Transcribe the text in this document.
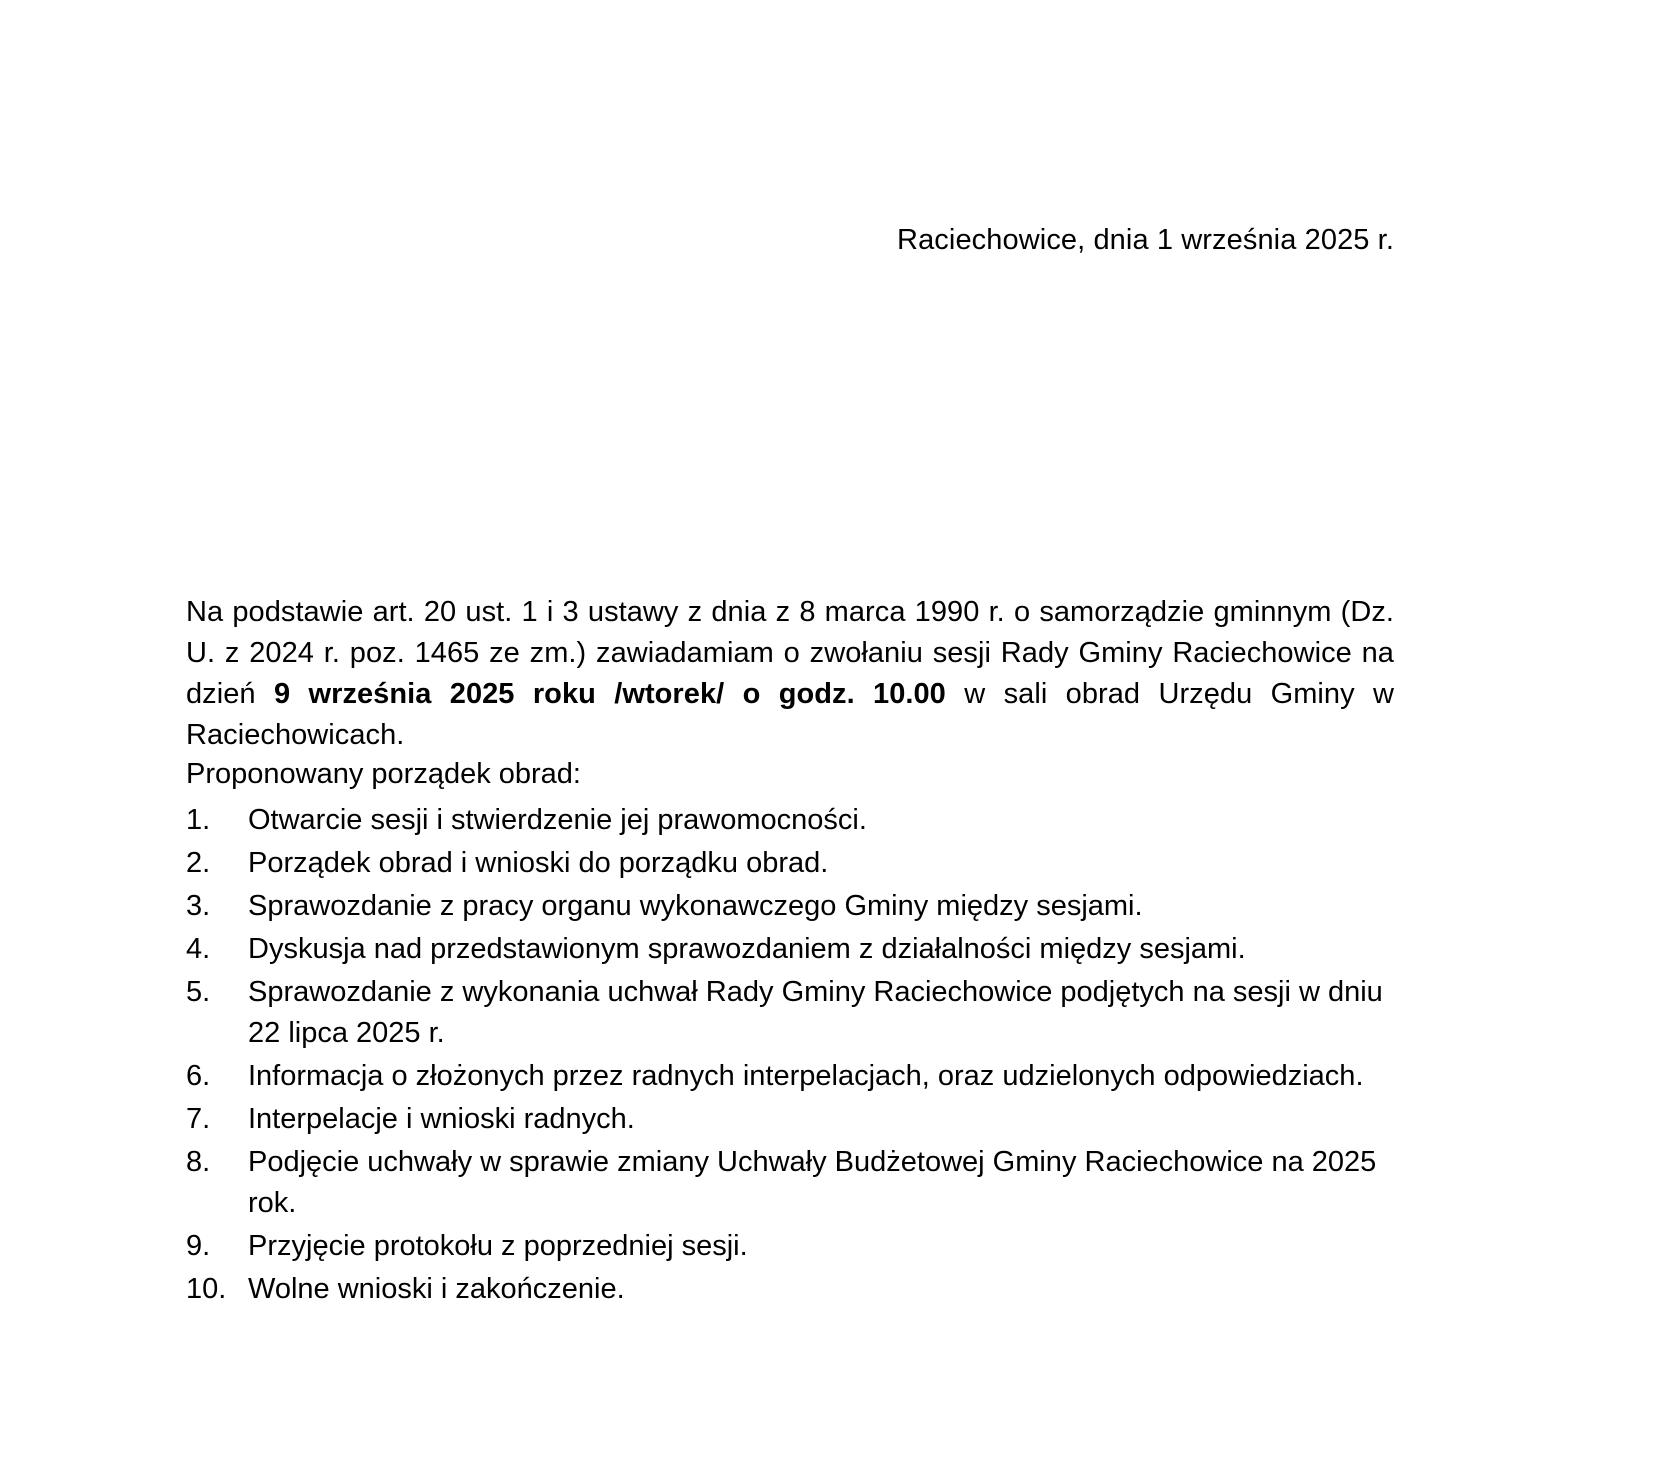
Raciechowice, dnia 1 września 2025 r.

Na podstawie art. 20 ust. 1 i 3 ustawy z dnia z 8 marca 1990 r. o samorządzie gminnym (Dz. U. z 2024 r. poz. 1465 ze zm.) zawiadamiam o zwołaniu sesji Rady Gminy Raciechowice na dzień 9 września 2025 roku /wtorek/ o godz. 10.00 w sali obrad Urzędu Gminy w Raciechowicach.

Proponowany porządek obrad:
1.	Otwarcie sesji i stwierdzenie jej prawomocności.
2.	Porządek obrad i wnioski do porządku obrad.
3.	Sprawozdanie z pracy organu wykonawczego Gminy między sesjami.
4.	Dyskusja nad przedstawionym sprawozdaniem z działalności między sesjami.
5.	Sprawozdanie z wykonania uchwał Rady Gminy Raciechowice podjętych na sesji w dniu 22 lipca 2025 r.
6.	Informacja o złożonych przez radnych interpelacjach, oraz udzielonych odpowiedziach.
7.	Interpelacje i wnioski radnych.
8.	Podjęcie uchwały w sprawie zmiany Uchwały Budżetowej Gminy Raciechowice na 2025 rok.
9.	Przyjęcie protokołu z poprzedniej sesji.
10. Wolne wnioski i zakończenie.
